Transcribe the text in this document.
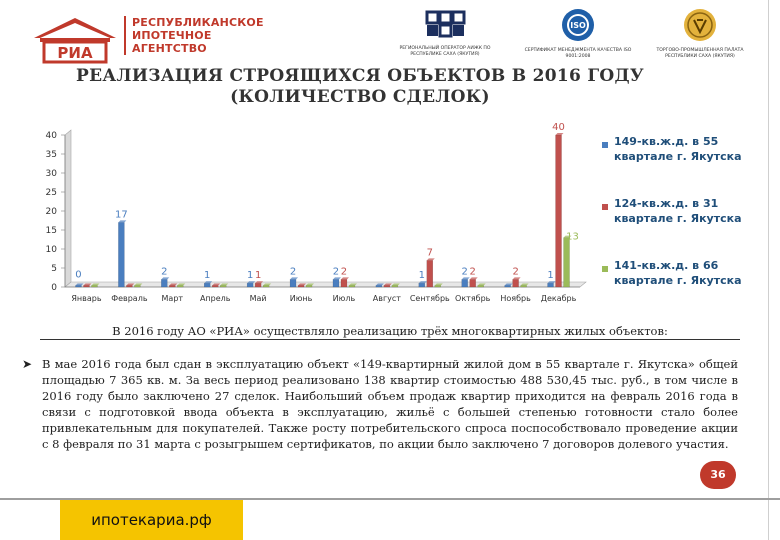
РИА
РЕСПУБЛИКАНСКОЕ
ИПОТЕЧНОЕ
АГЕНТСТВО	РЕГИОНАЛЬНЫЙ ОПЕРАТОР АИЖК ПО РЕСПУБЛИКЕ САХА (ЯКУТИЯ)
ISO
СЕРТИФИКАТ МЕНЕДЖМЕНТА КАЧЕСТВА ISO 9001:2008
ТОРГОВО-ПРОМЫШЛЕННАЯ ПАЛАТА РЕСПУБЛИКИ САХА (ЯКУТИЯ)
РЕАЛИЗАЦИЯ СТРОЯЩИХСЯ ОБЪЕКТОВ В 2016 ГОДУ
(КОЛИЧЕСТВО СДЕЛОК)
0
5
10
15
20
25
30
35
40
0
17
2	1	1 1	2	2 2	1
7
2 2	2	1
40
13
Январь Февраль Март Апрель Май	Июнь	Июль Август Сентябрь Октябрь Ноябрь Декабрь
149-кв.ж.д. в 55 квартале г. Якутска
124-кв.ж.д. в 31 квартале г. Якутска
141-кв.ж.д. в 66 квартале г. Якутска
В 2016 году АО «РИА» осуществляло реализацию трёх многоквартирных жилых объектов:
➤ В мае 2016 года был сдан в эксплуатацию объект «149-квартирный жилой дом в 55 квартале г. Якутска» общей площадью 7 365 кв. м. За весь период реализовано 138 квартир стоимостью 488 530,45 тыс. руб., в том числе в 2016 году было заключено 27 сделок. Наибольший объем продаж квартир приходится на февраль 2016 года в связи с подготовкой ввода объекта в эксплуатацию, жильё с большей степенью готовности стало более привлекательным для покупателей. Также росту потребительского спроса поспособствовало проведение акции с 8 февраля по 31 марта с розыгрышем сертификатов, по акции было заключено 7 договоров долевого участия.
36
ипотекариа.рф
